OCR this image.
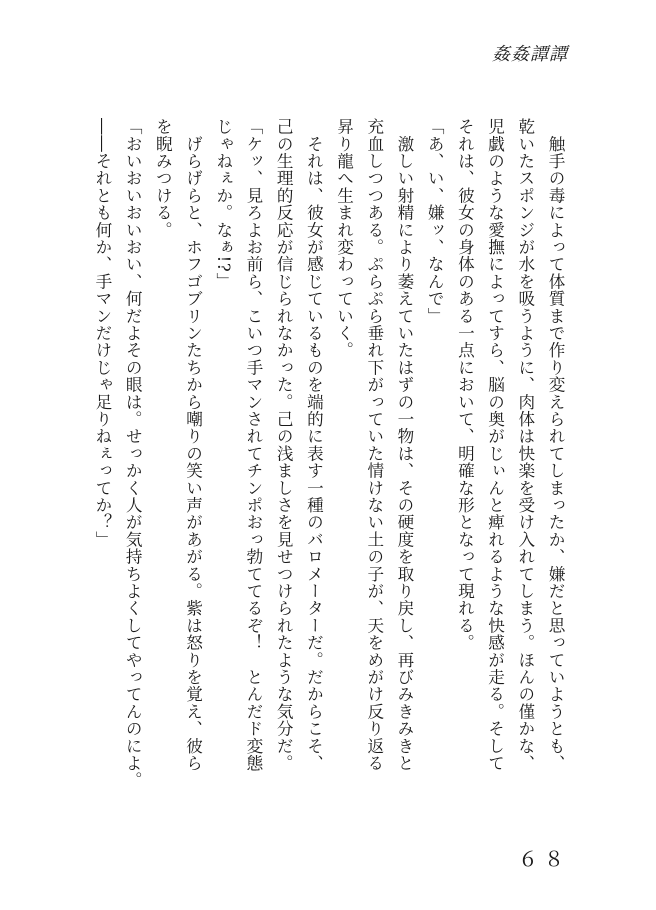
姦姦譚譚

　触手の毒によって体質まで作り変えられてしまったか、嫌だと思っていようとも、

乾いたスポンジが水を吸うように、肉体は快楽を受け入れてしまう。ほんの僅かな、

児戯のような愛撫によってすら、脳の奥がじぃんと痺れるような快感が走る。そして

それは、彼女の身体のある一点において、明確な形となって現れる。

「あ、い、嫌ッ、なんで」

　激しい射精により萎えていたはずの一物は、その硬度を取り戻し、再びみきみきと

充血しつつある。ぷらぷら垂れ下がっていた情けない土の子が、天をめがけ反り返る

昇り龍へ生まれ変わっていく。

　それは、彼女が感じているものを端的に表す一種のバロメーターだ。だからこそ、

己の生理的反応が信じられなかった。己の浅ましさを見せつけられたような気分だ。

「ケッ、見ろよお前ら、こいつ手マンされてチンポおっ勃ててるぞ！　とんだド変態

じゃねぇか。なぁ!?」

　げらげらと、ホフゴブリンたちから嘲りの笑い声があがる。紫は怒りを覚え、彼ら

を睨みつける。

「おいおいおいおい、何だよその眼は。せっかく人が気持ちよくしてやってんのによ。

――それとも何か、手マンだけじゃ足りねぇってか？」

６８
